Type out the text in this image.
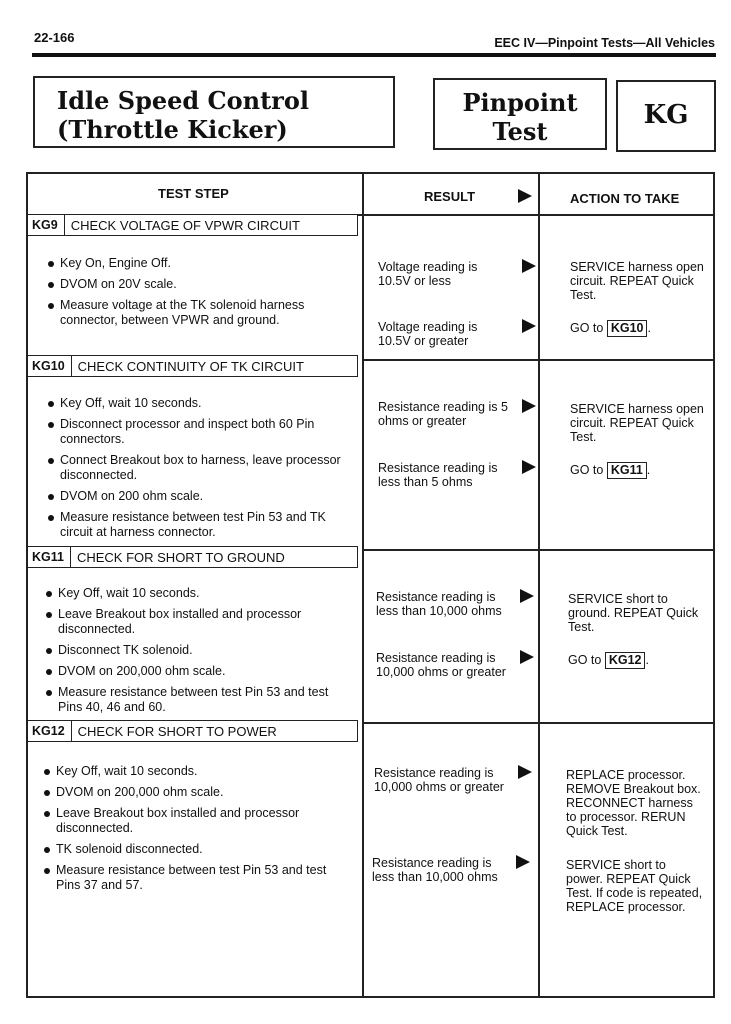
22-166	EEC IV—Pinpoint Tests—All Vehicles
Idle Speed Control
(Throttle Kicker)
Pinpoint
Test
KG
TEST STEP	RESULT	ACTION TO TAKE
KG9	CHECK VOLTAGE OF VPWR CIRCUIT
Key On, Engine Off.
DVOM on 20V scale.
Measure voltage at the TK solenoid harness connector, between VPWR and ground.
Voltage reading is 10.5V or less
SERVICE harness open circuit. REPEAT Quick Test.
Voltage reading is 10.5V or greater
GO to KG10 .
KG10	CHECK CONTINUITY OF TK CIRCUIT
Key Off, wait 10 seconds.
Disconnect processor and inspect both 60 Pin connectors.
Connect Breakout box to harness, leave processor disconnected.
DVOM on 200 ohm scale.
Measure resistance between test Pin 53 and TK circuit at harness connector.
Resistance reading is 5 ohms or greater
SERVICE harness open circuit. REPEAT Quick Test.
Resistance reading is less than 5 ohms
GO to KG11 .
KG11	CHECK FOR SHORT TO GROUND
Key Off, wait 10 seconds.
Leave Breakout box installed and processor disconnected.
Disconnect TK solenoid.
DVOM on 200,000 ohm scale.
Measure resistance between test Pin 53 and test Pins 40, 46 and 60.
Resistance reading is less than 10,000 ohms
SERVICE short to ground. REPEAT Quick Test.
Resistance reading is 10,000 ohms or greater
GO to KG12 .
KG12	CHECK FOR SHORT TO POWER
Key Off, wait 10 seconds.
DVOM on 200,000 ohm scale.
Leave Breakout box installed and processor disconnected.
TK solenoid disconnected.
Measure resistance between test Pin 53 and test Pins 37 and 57.
Resistance reading is 10,000 ohms or greater
REPLACE processor. REMOVE Breakout box. RECONNECT harness to processor. RERUN Quick Test.
Resistance reading is less than 10,000 ohms
SERVICE short to power. REPEAT Quick Test. If code is repeated, REPLACE processor.
